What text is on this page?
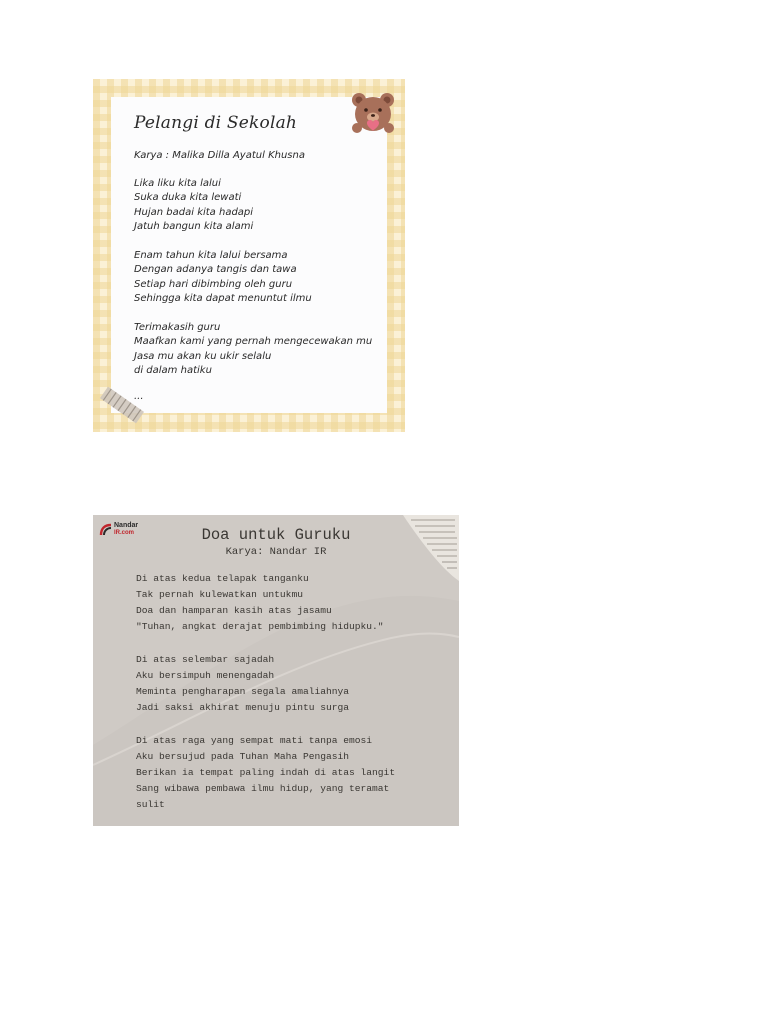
Pelangi di Sekolah
Karya : Malika Dilla Ayatul Khusna
Lika liku kita lalui
Suka duka kita lewati
Hujan badai kita hadapi
Jatuh bangun kita alami
Enam tahun kita lalui bersama
Dengan adanya tangis dan tawa
Setiap hari dibimbing oleh guru
Sehingga kita dapat menuntut ilmu
Terimakasih guru
Maafkan kami yang pernah mengecewakan mu
Jasa mu akan ku ukir selalu
di dalam hatiku
...
Nandar
IR.com	Doa untuk Guruku
Karya: Nandar IR
Di atas kedua telapak tanganku
Tak pernah kulewatkan untukmu
Doa dan hamparan kasih atas jasamu
"Tuhan, angkat derajat pembimbing hidupku."
Di atas selembar sajadah
Aku bersimpuh menengadah
Meminta pengharapan segala amaliahnya
Jadi saksi akhirat menuju pintu surga
Di atas raga yang sempat mati tanpa emosi
Aku bersujud pada Tuhan Maha Pengasih
Berikan ia tempat paling indah di atas langit
Sang wibawa pembawa ilmu hidup, yang teramat
sulit
